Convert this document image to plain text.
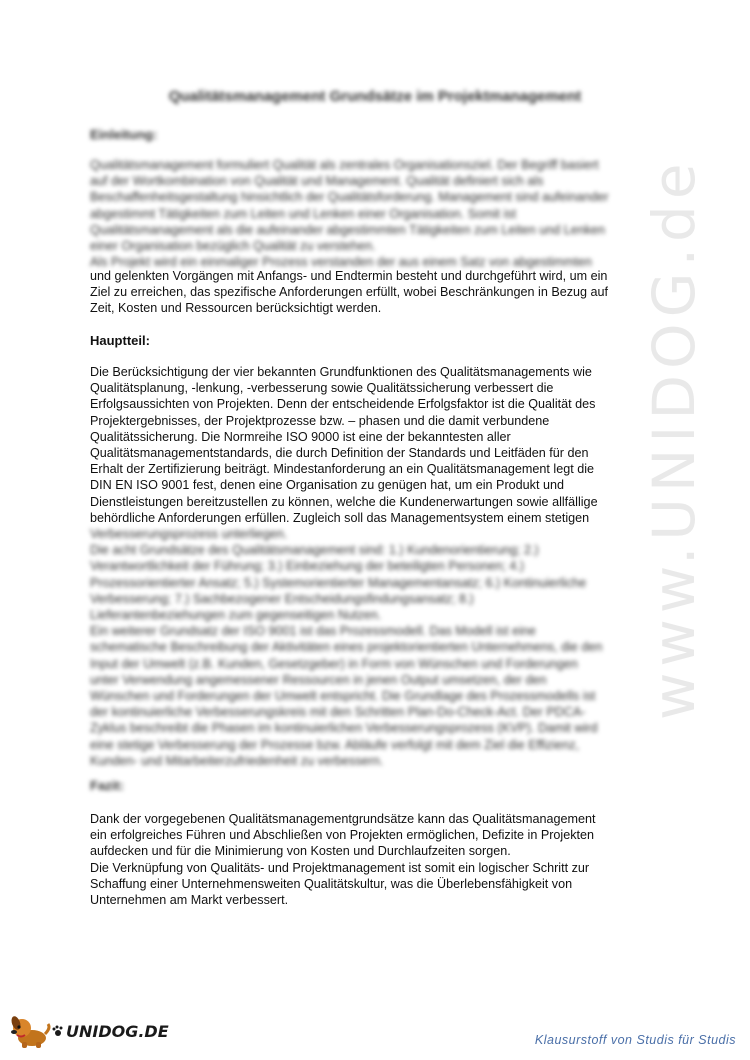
www.UNIDOG.de
Qualitätsmanagement Grundsätze im Projektmanagement
Einleitung:
Qualitätsmanagement formuliert Qualität als zentrales Organisationsziel. Der Begriff basiert
auf der Wortkombination von Qualität und Management. Qualität definiert sich als
Beschaffenheitsgestaltung hinsichtlich der Qualitätsforderung. Management sind aufeinander
abgestimmt Tätigkeiten zum Leiten und Lenken einer Organisation. Somit ist
Qualitätsmanagement als die aufeinander abgestimmten Tätigkeiten zum Leiten und Lenken
einer Organisation bezüglich Qualität zu verstehen.
Als Projekt wird ein einmaliger Prozess verstanden der aus einem Satz von abgestimmten
und gelenkten Vorgängen mit Anfangs- und Endtermin besteht und durchgeführt wird, um ein
Ziel zu erreichen, das spezifische Anforderungen erfüllt, wobei Beschränkungen in Bezug auf
Zeit, Kosten und Ressourcen berücksichtigt werden.
Hauptteil:
Die Berücksichtigung der vier bekannten Grundfunktionen des Qualitätsmanagements wie
Qualitätsplanung, -lenkung, -verbesserung sowie Qualitätssicherung verbessert die
Erfolgsaussichten von Projekten. Denn der entscheidende Erfolgsfaktor ist die Qualität des
Projektergebnisses, der Projektprozesse bzw. – phasen und die damit verbundene
Qualitätssicherung. Die Normreihe ISO 9000 ist eine der bekanntesten aller
Qualitätsmanagementstandards, die durch Definition der Standards und Leitfäden für den
Erhalt der Zertifizierung beiträgt. Mindestanforderung an ein Qualitätsmanagement legt die
DIN EN ISO 9001 fest, denen eine Organisation zu genügen hat, um ein Produkt und
Dienstleistungen bereitzustellen zu können, welche die Kundenerwartungen sowie allfällige
behördliche Anforderungen erfüllen. Zugleich soll das Managementsystem einem stetigen
Verbesserungsprozess unterliegen.
Die acht Grundsätze des Qualitätsmanagement sind: 1.) Kundenorientierung; 2.)
Verantwortlichkeit der Führung; 3.) Einbeziehung der beteiligten Personen; 4.)
Prozessorientierter Ansatz; 5.) Systemorientierter Managementansatz; 6.) Kontinuierliche
Verbesserung; 7.) Sachbezogener Entscheidungsfindungsansatz; 8.)
Lieferantenbeziehungen zum gegenseitigen Nutzen.
Ein weiterer Grundsatz der ISO 9001 ist das Prozessmodell. Das Modell ist eine
schematische Beschreibung der Aktivitäten eines projektorientierten Unternehmens, die den
Input der Umwelt (z.B. Kunden, Gesetzgeber) in Form von Wünschen und Forderungen
unter Verwendung angemessener Ressourcen in jenen Output umsetzen, der den
Wünschen und Forderungen der Umwelt entspricht. Die Grundlage des Prozessmodells ist
der kontinuierliche Verbesserungskreis mit den Schritten Plan-Do-Check-Act. Der PDCA-
Zyklus beschreibt die Phasen im kontinuierlichen Verbesserungsprozess (KVP). Damit wird
eine stetige Verbesserung der Prozesse bzw. Abläufe verfolgt mit dem Ziel die Effizienz,
Kunden- und Mitarbeiterzufriedenheit zu verbessern.
Fazit:
Dank der vorgegebenen Qualitätsmanagementgrundsätze kann das Qualitätsmanagement
ein erfolgreiches Führen und Abschließen von Projekten ermöglichen, Defizite in Projekten
aufdecken und für die Minimierung von Kosten und Durchlaufzeiten sorgen.
Die Verknüpfung von Qualitäts- und Projektmanagement ist somit ein logischer Schritt zur
Schaffung einer Unternehmensweiten Qualitätskultur, was die Überlebensfähigkeit von
Unternehmen am Markt verbessert.
UNIDOG.DE	Klausurstoff von Studis für Studis
